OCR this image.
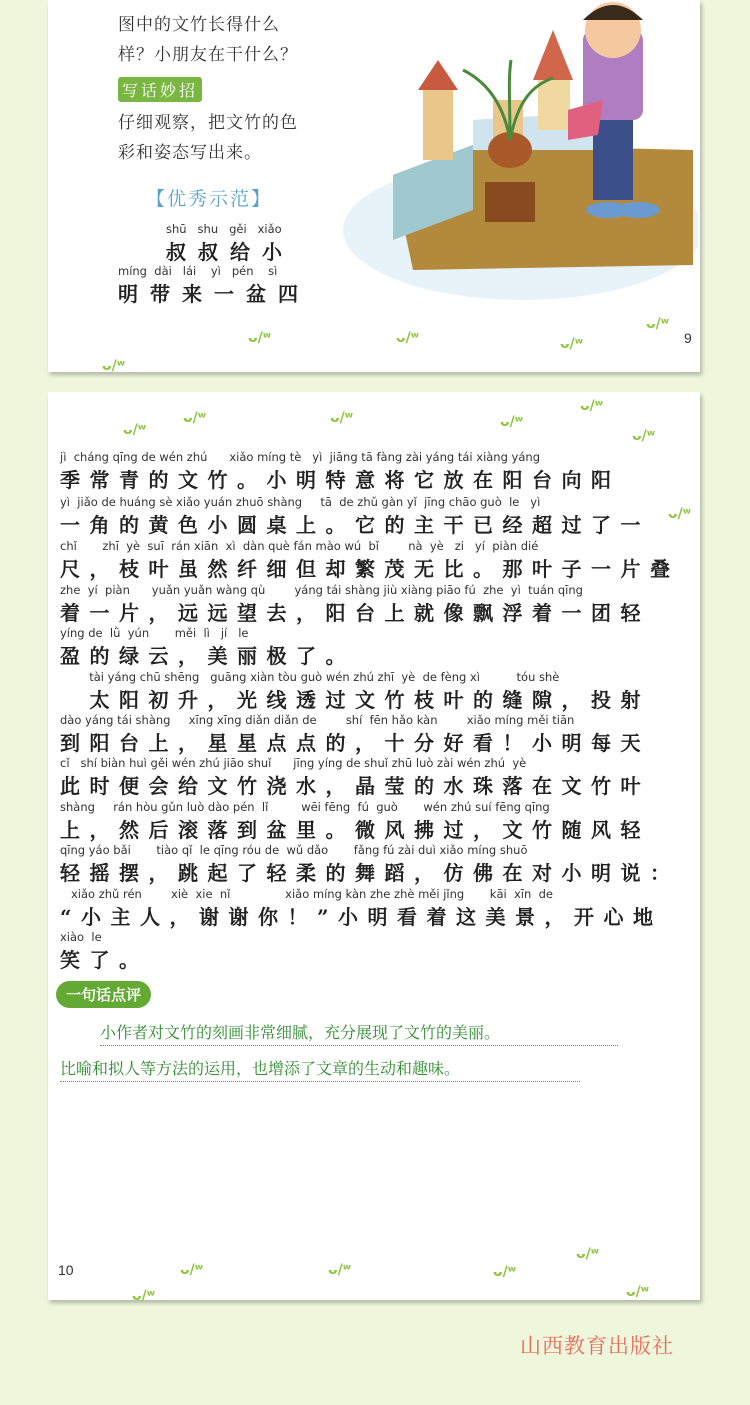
图中的文竹长得什么
样？小朋友在干什么？
写话妙招
仔细观察，把文竹的色
彩和姿态写出来。
【优秀示范】
shū   shu   gěi   xiǎo
叔叔给小
míng  dài   lái    yì   pén    sì
明带来一盆四
ᴗ/ʷ
ᴗ/ʷ	ᴗ/ʷ	ᴗ/ʷ
ᴗ/ʷ
9
ᴗ/ʷ
ᴗ/ʷ	ᴗ/ʷ	ᴗ/ʷ
ᴗ/ʷ
ᴗ/ʷ
ᴗ/ʷ
jì  cháng qīng de wén zhú      xiǎo míng tè   yì  jiāng tā fàng zài yáng tái xiàng yáng
季常青的文竹。小明特意将它放在阳台向阳
yì  jiǎo de huáng sè xiǎo yuán zhuō shàng     tā  de zhǔ gàn yǐ  jīng chāo guò  le   yì
一角的黄色小圆桌上。它的主干已经超过了一
chǐ       zhī  yè  suī  rán xiān  xì  dàn què fán mào wú  bǐ        nà  yè   zi   yí  piàn dié
尺，枝叶虽然纤细但却繁茂无比。那叶子一片叠
zhe  yí  piàn      yuǎn yuǎn wàng qù        yáng tái shàng jiù xiàng piāo fú  zhe  yì  tuán qīng
着一片，远远望去，阳台上就像飘浮着一团轻
yíng de  lǜ  yún       měi  lì   jí   le
盈的绿云，美丽极了。
tài yáng chū shēng   guāng xiàn tòu guò wén zhú zhī  yè  de fèng xì          tóu shè
　太阳初升，光线透过文竹枝叶的缝隙，投射
dào yáng tái shàng     xīng xīng diǎn diǎn de        shí  fēn hǎo kàn        xiǎo míng měi tiān
到阳台上，星星点点的，十分好看！小明每天
cǐ   shí biàn huì gěi wén zhú jiāo shuǐ      jīng yíng de shuǐ zhū luò zài wén zhú  yè
此时便会给文竹浇水，晶莹的水珠落在文竹叶
shàng     rán hòu gǔn luò dào pén  lǐ         wēi fēng  fú  guò       wén zhú suí fēng qīng
上，然后滚落到盆里。微风拂过，文竹随风轻
qīng yáo bǎi       tiào qǐ  le qīng róu de  wǔ dǎo       fǎng fú zài duì xiǎo míng shuō
轻摇摆，跳起了轻柔的舞蹈，仿佛在对小明说：
xiǎo zhǔ rén        xiè  xie  nǐ               xiǎo míng kàn zhe zhè měi jǐng       kāi  xīn  de
“小主人，谢谢你！”小明看着这美景，开心地
xiào  le
笑了。
一句话点评
小作者对文竹的刻画非常细腻，充分展现了文竹的美丽。
比喻和拟人等方法的运用，也增添了文章的生动和趣味。
ᴗ/ʷ	ᴗ/ʷ	ᴗ/ʷ
ᴗ/ʷ
ᴗ/ʷ
ᴗ/ʷ
10
山西教育出版社
